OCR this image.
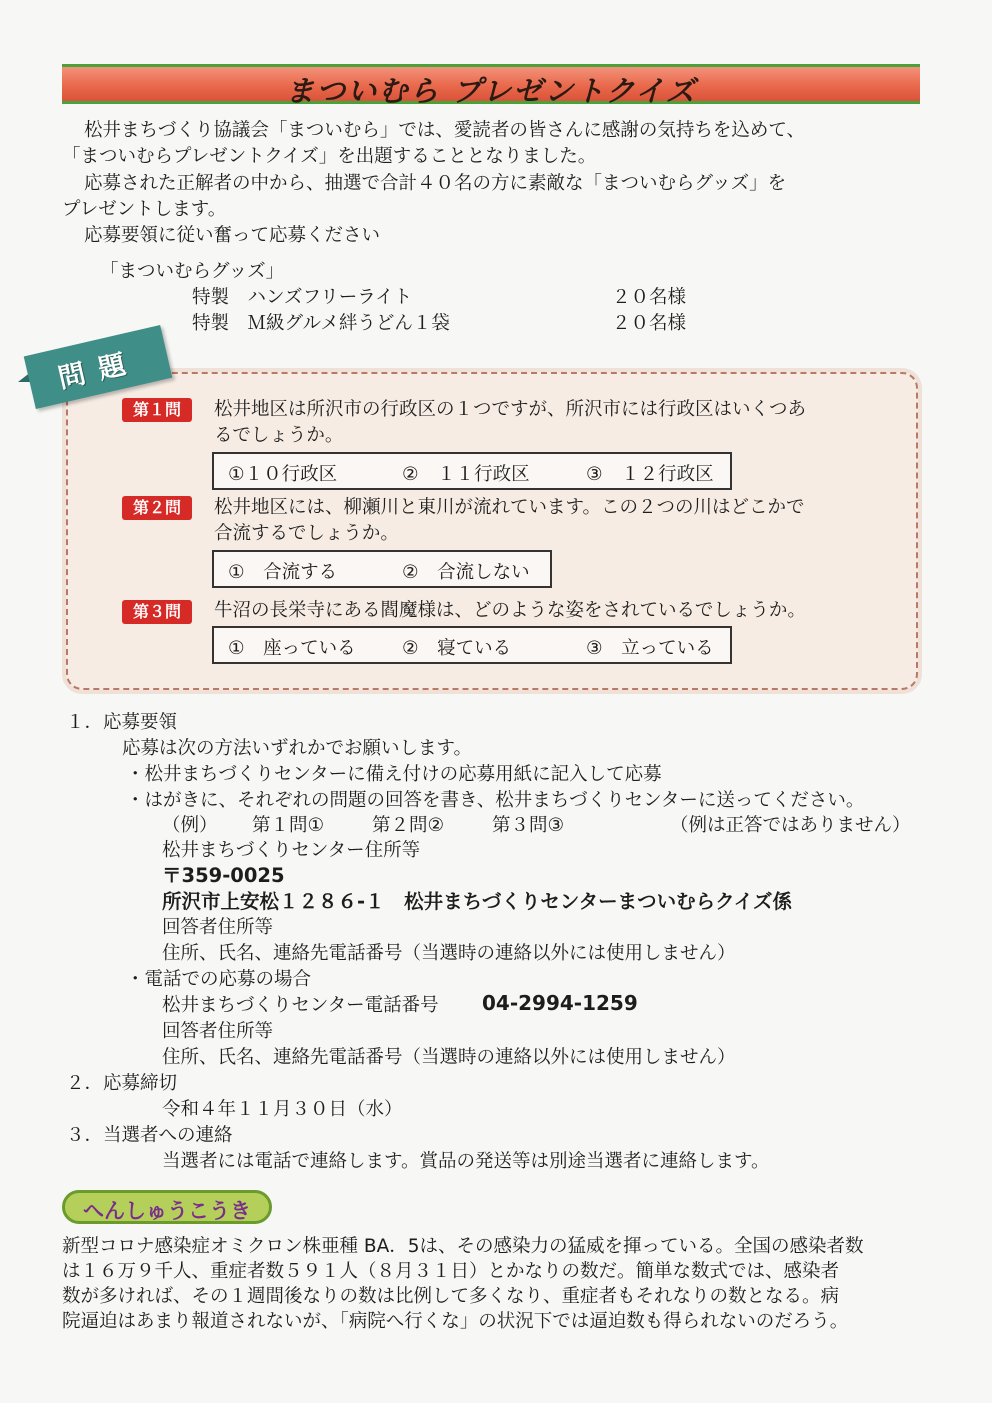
まついむら プレゼントクイズ
松井まちづくり協議会「まついむら」では、愛読者の皆さんに感謝の気持ちを込めて、
「まついむらプレゼントクイズ」を出題することとなりました。
応募された正解者の中から、抽選で合計４０名の方に素敵な「まついむらグッズ」を
プレゼントします。
応募要領に従い奮って応募ください
「まついむらグッズ」
特製　ハンズフリーライト	２０名様
特製　Ｍ級グルメ絆うどん１袋	２０名様
問題
第１問	松井地区は所沢市の行政区の１つですが、所沢市には行政区はいくつあ
るでしょうか。
①１０行政区	②　１１行政区	③　１２行政区
第２問	松井地区には、柳瀬川と東川が流れています。この２つの川はどこかで
合流するでしょうか。
①　合流する	②　合流しない
第３問	牛沼の長栄寺にある閻魔様は、どのような姿をされているでしょうか。
①　座っている	②　寝ている	③　立っている
１．応募要領
応募は次の方法いずれかでお願いします。
・松井まちづくりセンターに備え付けの応募用紙に記入して応募
・はがきに、それぞれの問題の回答を書き、松井まちづくりセンターに送ってください。
（例） 第１問①	第２問②	第３問③	（例は正答ではありません）
松井まちづくりセンター住所等
〒359-0025
所沢市上安松１２８６-１　松井まちづくりセンターまついむらクイズ係
回答者住所等
住所、氏名、連絡先電話番号（当選時の連絡以外には使用しません）
・電話での応募の場合
松井まちづくりセンター電話番号 04-2994-1259
回答者住所等
住所、氏名、連絡先電話番号（当選時の連絡以外には使用しません）
２．応募締切
令和４年１１月３０日（水）
３．当選者への連絡
当選者には電話で連絡します。賞品の発送等は別途当選者に連絡します。
へんしゅうこうき
新型コロナ感染症オミクロン株亜種 BA．5は、その感染力の猛威を揮っている。全国の感染者数
は１６万９千人、重症者数５９１人（８月３１日）とかなりの数だ。簡単な数式では、感染者
数が多ければ、その１週間後なりの数は比例して多くなり、重症者もそれなりの数となる。病
院逼迫はあまり報道されないが、「病院へ行くな」の状況下では逼迫数も得られないのだろう。
